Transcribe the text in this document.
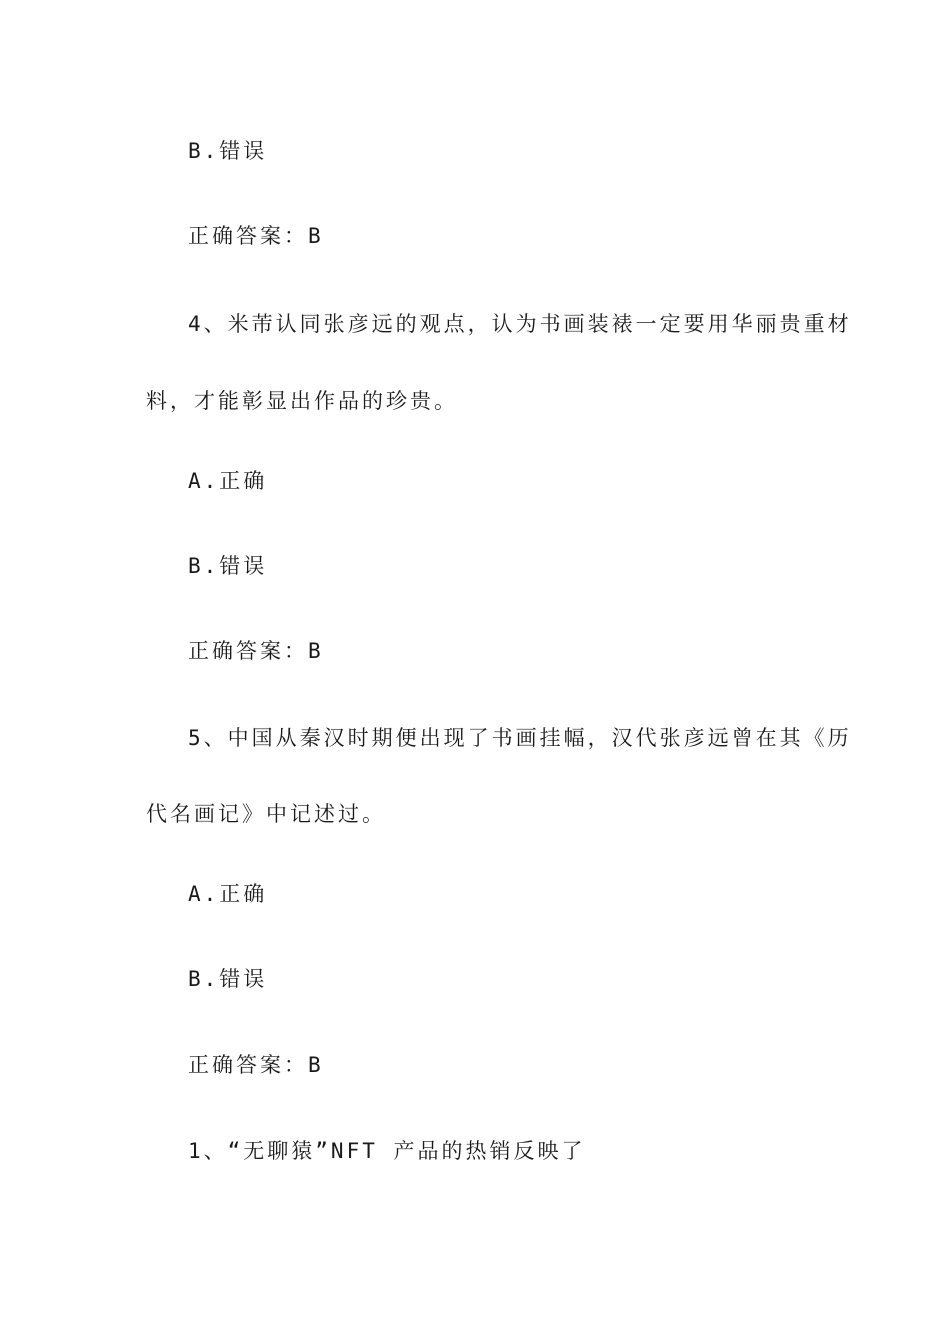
B.错误
正确答案：B
4、米芾认同张彦远的观点，认为书画装裱一定要用华丽贵重材
料，才能彰显出作品的珍贵。
A.正确
B.错误
正确答案：B
5、中国从秦汉时期便出现了书画挂幅，汉代张彦远曾在其《历
代名画记》中记述过。
A.正确
B.错误
正确答案：B
1、“无聊猿”NFT 产品的热销反映了
